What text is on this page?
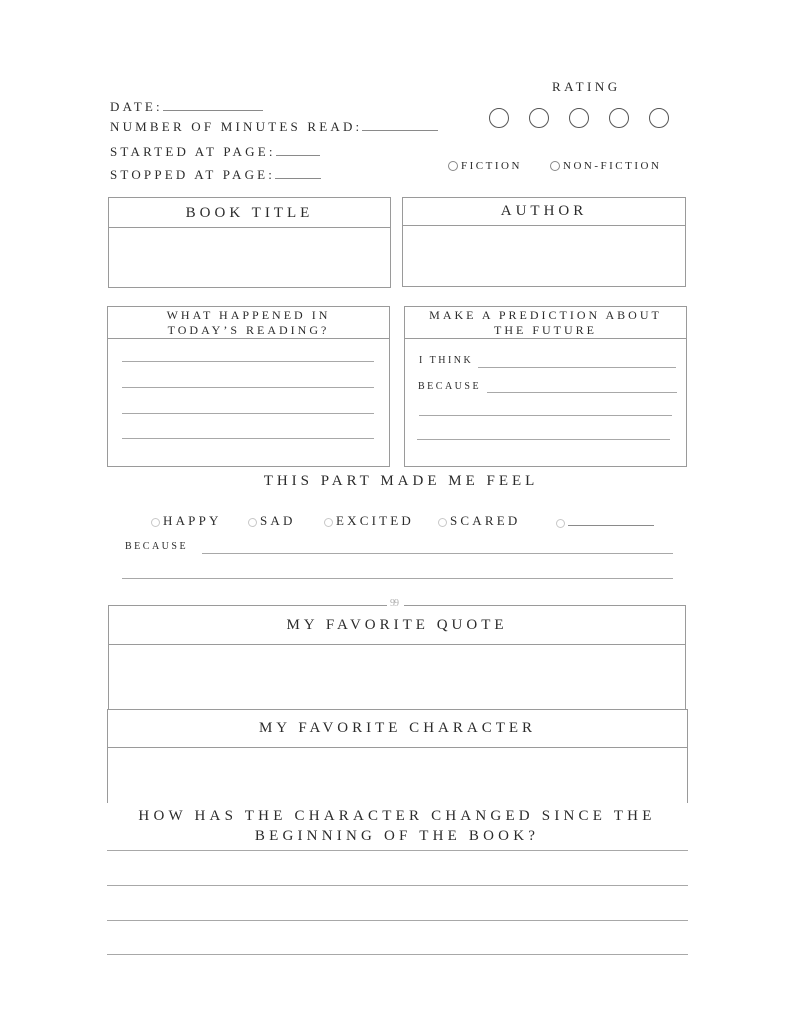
DATE:
NUMBER OF MINUTES READ:
STARTED AT PAGE:
STOPPED AT PAGE:
RATING
FICTION	NON-FICTION
BOOK TITLE	AUTHOR
WHAT HAPPENED IN
TODAY’S READING?
MAKE A PREDICTION ABOUT
THE FUTURE
I THINK
BECAUSE
THIS PART MADE ME FEEL
HAPPY	SAD	EXCITED	SCARED
BECAUSE
99
MY FAVORITE QUOTE
MY FAVORITE CHARACTER
HOW HAS THE CHARACTER CHANGED SINCE THE
BEGINNING OF THE BOOK?
